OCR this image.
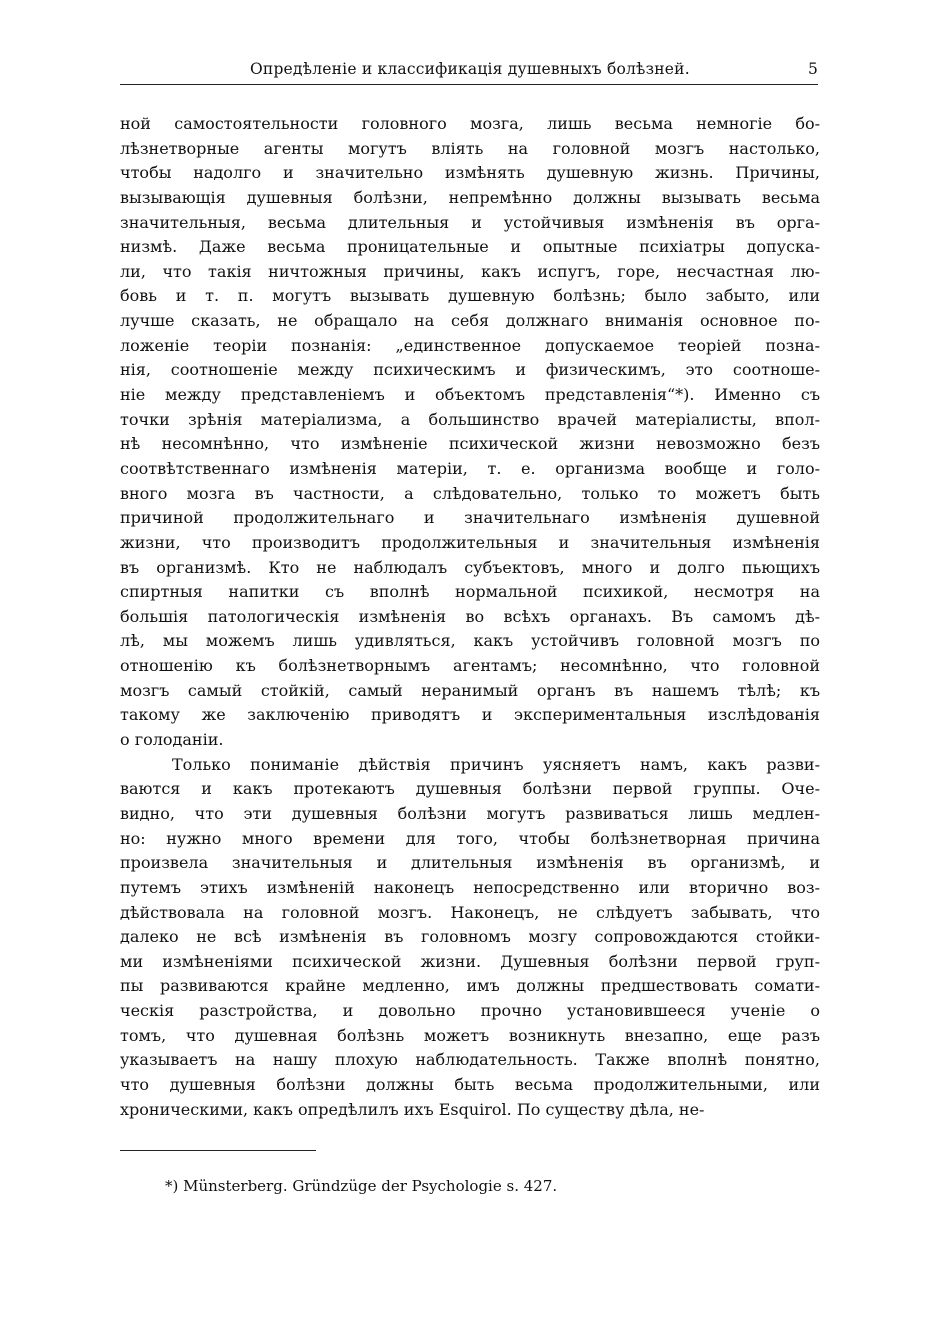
Опредѣленіе и классификація душевныхъ болѣзней.	5
ной самостоятельности головного мозга, лишь весьма немногіе бо-
лѣзнетворные агенты могутъ вліять на головной мозгъ настолько,
чтобы надолго и значительно измѣнять душевную жизнь. Причины,
вызывающія душевныя болѣзни, непремѣнно должны вызывать весьма
значительныя, весьма длительныя и устойчивыя измѣненія въ орга-
низмѣ. Даже весьма проницательные и опытные психіатры допуска-
ли, что такія ничтожныя причины, какъ испугъ, горе, несчастная лю-
бовь и т. п. могутъ вызывать душевную болѣзнь; было забыто, или
лучше сказать, не обращало на себя должнаго вниманія основное по-
ложеніе теоріи познанія: „единственное допускаемое теоріей позна-
нія, соотношеніе между психическимъ и физическимъ, это соотноше-
ніе между представленіемъ и объектомъ представленія“*). Именно съ
точки зрѣнія матеріализма, а большинство врачей матеріалисты, впол-
нѣ несомнѣнно, что измѣненіе психической жизни невозможно безъ
соотвѣтственнаго измѣненія матеріи, т. е. организма вообще и голо-
вного мозга въ частности, а слѣдовательно, только то можетъ быть
причиной продолжительнаго и значительнаго измѣненія душевной
жизни, что производитъ продолжительныя и значительныя измѣненія
въ организмѣ. Кто не наблюдалъ субъектовъ, много и долго пьющихъ
спиртныя напитки съ вполнѣ нормальной психикой, несмотря на
большія патологическія измѣненія во всѣхъ органахъ. Въ самомъ дѣ-
лѣ, мы можемъ лишь удивляться, какъ устойчивъ головной мозгъ по
отношенію къ болѣзнетворнымъ агентамъ; несомнѣнно, что головной
мозгъ самый стойкій, самый неранимый органъ въ нашемъ тѣлѣ; къ
такому же заключенію приводятъ и экспериментальныя изслѣдованія
о голоданіи.
Только пониманіе дѣйствія причинъ уясняетъ намъ, какъ разви-
ваются и какъ протекаютъ душевныя болѣзни первой группы. Оче-
видно, что эти душевныя болѣзни могутъ развиваться лишь медлен-
но: нужно много времени для того, чтобы болѣзнетворная причина
произвела значительныя и длительныя измѣненія въ организмѣ, и
путемъ этихъ измѣненій наконецъ непосредственно или вторично воз-
дѣйствовала на головной мозгъ. Наконецъ, не слѣдуетъ забывать, что
далеко не всѣ измѣненія въ головномъ мозгу сопровождаются стойки-
ми измѣненіями психической жизни. Душевныя болѣзни первой груп-
пы развиваются крайне медленно, имъ должны предшествовать сомати-
ческія разстройства, и довольно прочно установившееся ученіе о
томъ, что душевная болѣзнь можетъ возникнуть внезапно, еще разъ
указываетъ на нашу плохую наблюдательность. Также вполнѣ понятно,
что душевныя болѣзни должны быть весьма продолжительными, или
хроническими, какъ опредѣлилъ ихъ Esquirol. По существу дѣла, не-
*) Münsterberg. Gründzüge der Psychologie s. 427.
